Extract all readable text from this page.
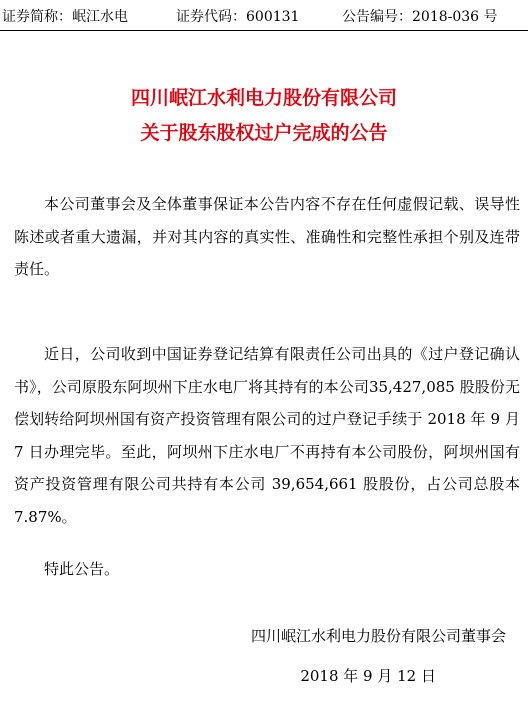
证券简称：岷江水电	证券代码：600131	公告编号：2018-036 号
四川岷江水利电力股份有限公司
关于股东股权过户完成的公告

本公司董事会及全体董事保证本公告内容不存在任何虚假记载、误导性陈述或者重大遗漏，并对其内容的真实性、准确性和完整性承担个别及连带责任。

近日，公司收到中国证券登记结算有限责任公司出具的《过户登记确认书》，公司原股东阿坝州下庄水电厂将其持有的本公司35,427,085 股股份无偿划转给阿坝州国有资产投资管理有限公司的过户登记手续于 2018 年 9 月 7 日办理完毕。至此，阿坝州下庄水电厂不再持有本公司股份，阿坝州国有资产投资管理有限公司共持有本公司 39,654,661 股股份，占公司总股本 7.87%。

特此公告。

四川岷江水利电力股份有限公司董事会
2018 年 9 月 12 日
